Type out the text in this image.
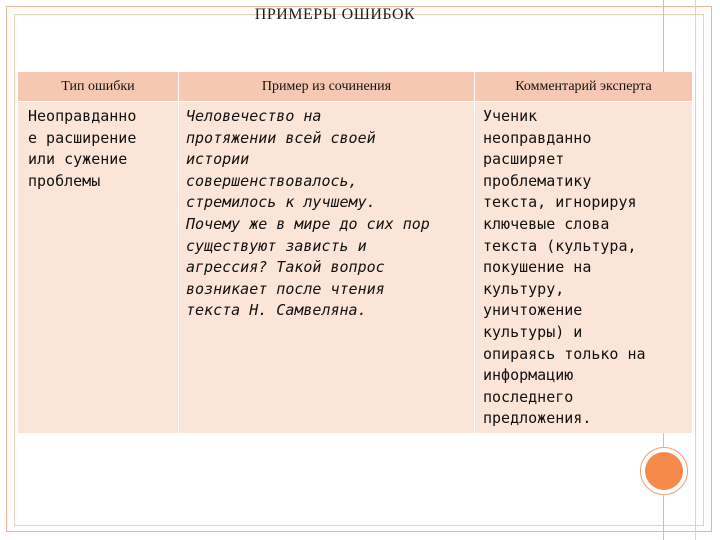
ПРИМЕРЫ ОШИБОК
Тип ошибки	Пример из сочинения	Комментарий эксперта
Неоправданно
е расширение
или сужение
проблемы
Человечество на
протяжении всей своей
истории
совершенствовалось,
стремилось к лучшему.
Почему же в мире до сих пор
существуют зависть и
агрессия? Такой вопрос
возникает после чтения
текста Н. Самвеляна.
Ученик
неоправданно
расширяет
проблематику
текста, игнорируя
ключевые слова
текста (культура,
покушение на
культуру,
уничтожение
культуры) и
опираясь только на
информацию
последнего
предложения.
